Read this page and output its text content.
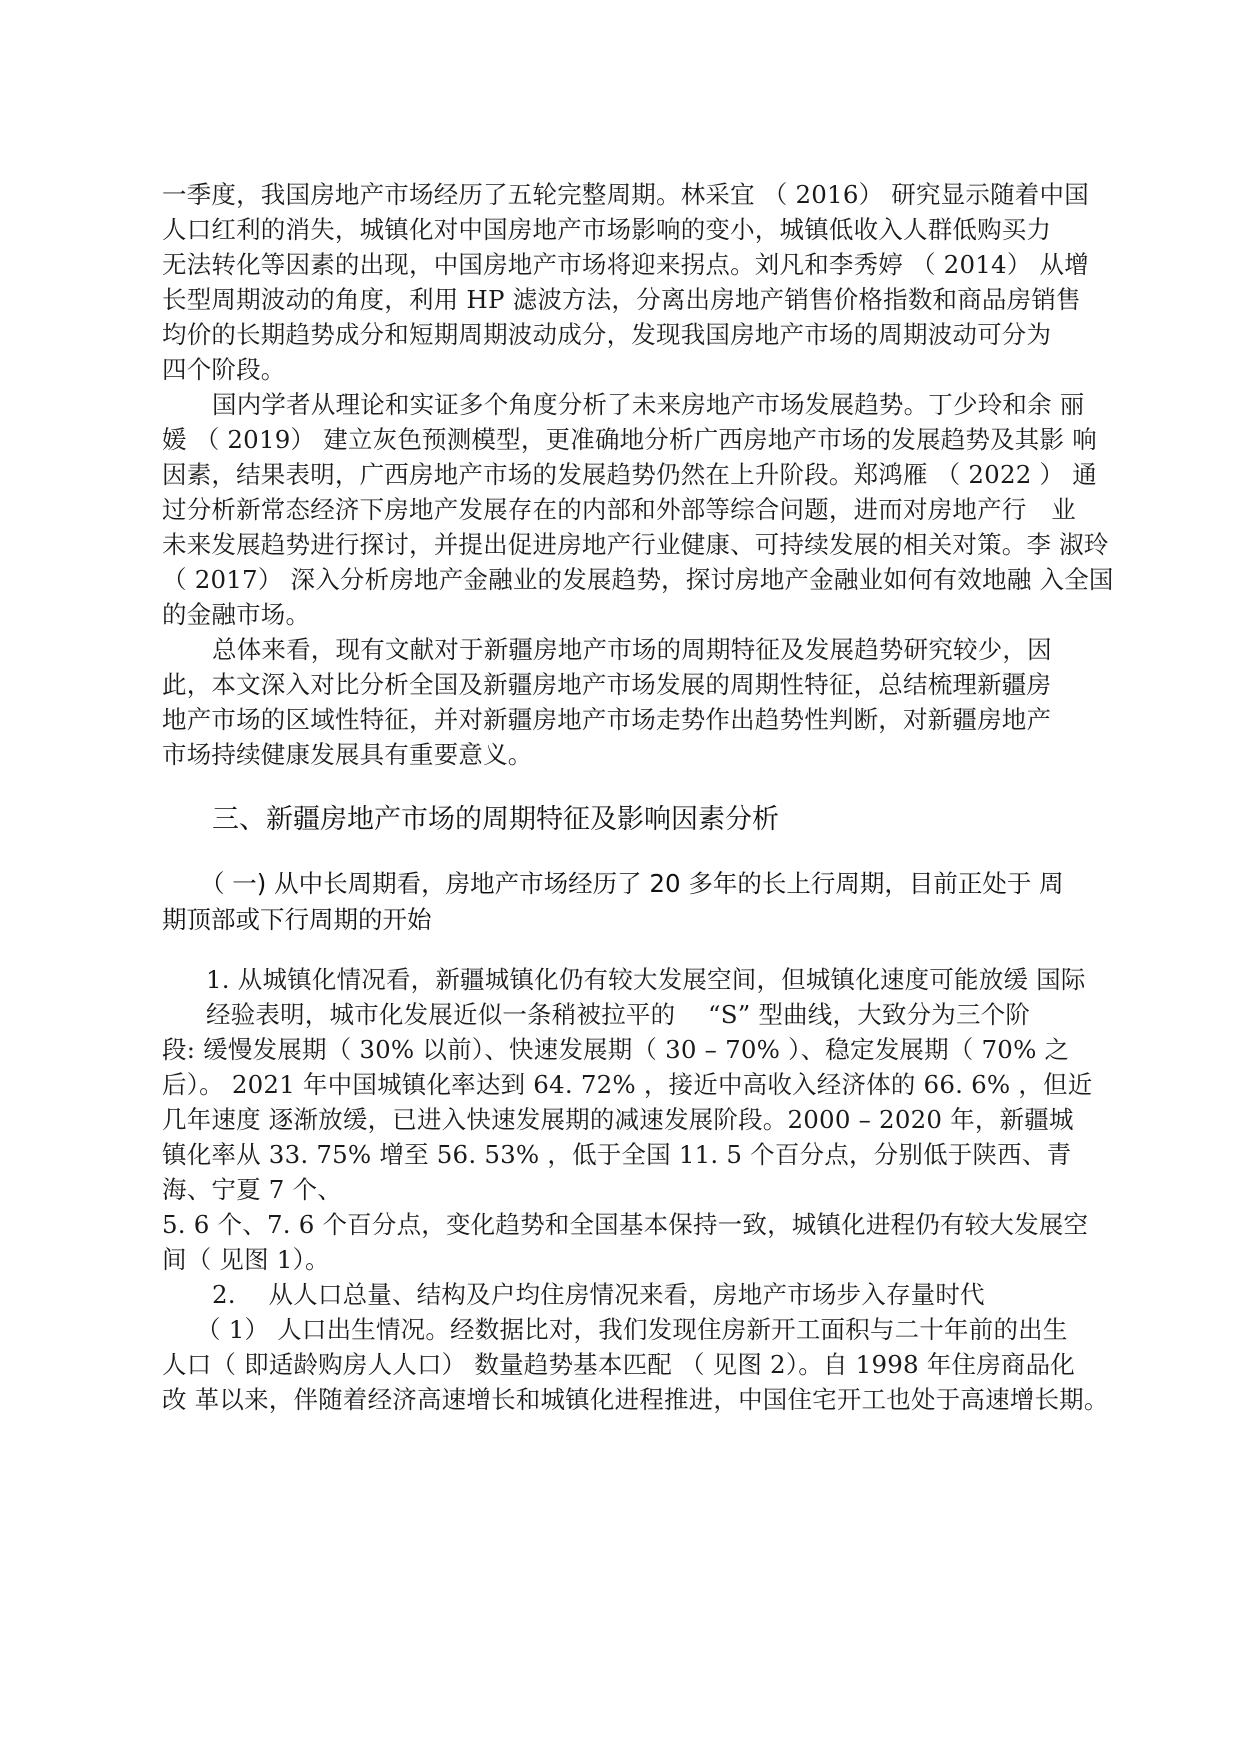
一季度，我国房地产市场经历了五轮完整周期。林采宜 （ 2016） 研究显示随着中国
人口红利的消失，城镇化对中国房地产市场影响的变小，城镇低收入人群低购买力
无法转化等因素的出现，中国房地产市场将迎来拐点。刘凡和李秀婷 （ 2014） 从增
长型周期波动的角度，利用 HP 滤波方法，分离出房地产销售价格指数和商品房销售
均价的长期趋势成分和短期周期波动成分，发现我国房地产市场的周期波动可分为
四个阶段。
国内学者从理论和实证多个角度分析了未来房地产市场发展趋势。丁少玲和余 丽
媛 （ 2019） 建立灰色预测模型，更准确地分析广西房地产市场的发展趋势及其影 响
因素，结果表明，广西房地产市场的发展趋势仍然在上升阶段。郑鸿雁 （ 2022 ） 通
过分析新常态经济下房地产发展存在的内部和外部等综合问题，进而对房地产行　业
未来发展趋势进行探讨，并提出促进房地产行业健康、可持续发展的相关对策。李 淑玲
（ 2017） 深入分析房地产金融业的发展趋势，探讨房地产金融业如何有效地融 入全国
的金融市场。
总体来看，现有文献对于新疆房地产市场的周期特征及发展趋势研究较少，因
此，本文深入对比分析全国及新疆房地产市场发展的周期性特征，总结梳理新疆房
地产市场的区域性特征，并对新疆房地产市场走势作出趋势性判断，对新疆房地产
市场持续健康发展具有重要意义。
三、新疆房地产市场的周期特征及影响因素分析
（ 一) 从中长周期看，房地产市场经历了 20 多年的长上行周期，目前正处于 周
期顶部或下行周期的开始
1. 从城镇化情况看，新疆城镇化仍有较大发展空间，但城镇化速度可能放缓 国际
经验表明，城市化发展近似一条稍被拉平的　 “S” 型曲线，大致分为三个阶
段: 缓慢发展期（ 30% 以前）、快速发展期（ 30 – 70% ）、稳定发展期（ 70% 之
后）。 2021 年中国城镇化率达到 64. 72% ，接近中高收入经济体的 66. 6% ，但近
几年速度 逐渐放缓，已进入快速发展期的减速发展阶段。2000 – 2020 年，新疆城
镇化率从 33. 75% 增至 56. 53% ，低于全国 11. 5 个百分点，分别低于陕西、青
海、宁夏 7 个、
5. 6 个、7. 6 个百分点，变化趋势和全国基本保持一致，城镇化进程仍有较大发展空
间（ 见图 1）。
2.　 从人口总量、结构及户均住房情况来看，房地产市场步入存量时代
（ 1） 人口出生情况。经数据比对，我们发现住房新开工面积与二十年前的出生
人口（ 即适龄购房人人口） 数量趋势基本匹配 （ 见图 2）。自 1998 年住房商品化
改 革以来，伴随着经济高速增长和城镇化进程推进，中国住宅开工也处于高速增长期。
